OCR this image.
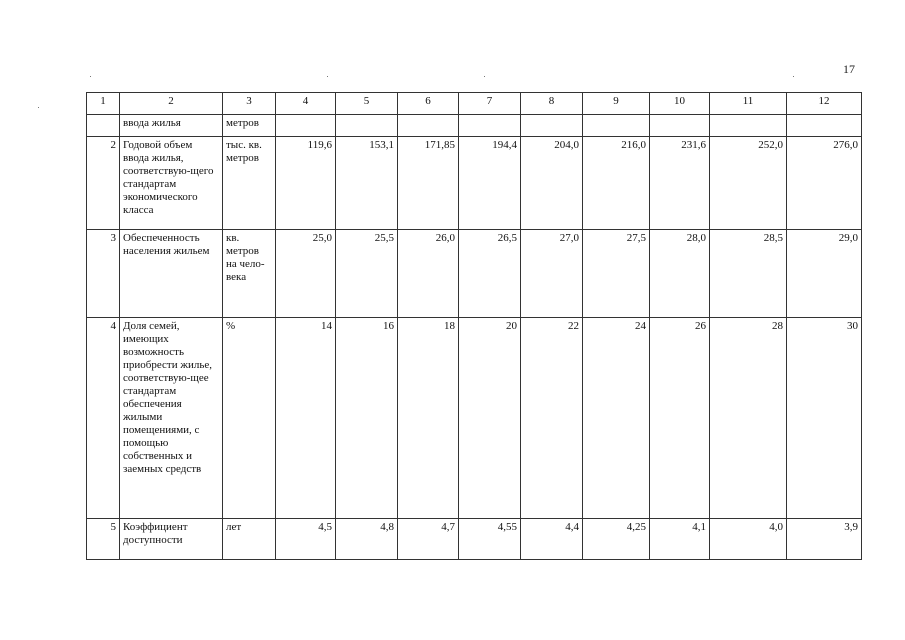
17
1	2	3	4	5	6	7	8	9	10	11	12
	ввода жилья	метров									
2	Годовой объем ввода жилья, соответствую-щего стандартам экономического класса	тыс. кв. метров	119,6	153,1	171,85	194,4	204,0	216,0	231,6	252,0	276,0
3	Обеспеченность населения жильем	кв. метров на чело-века	25,0	25,5	26,0	26,5	27,0	27,5	28,0	28,5	29,0
4	Доля семей, имеющих возможность приобрести жилье, соответствую-щее стандартам обеспечения жилыми помещениями, с помощью собственных и заемных средств	%	14	16	18	20	22	24	26	28	30
5	Коэффициент доступности	лет	4,5	4,8	4,7	4,55	4,4	4,25	4,1	4,0	3,9
